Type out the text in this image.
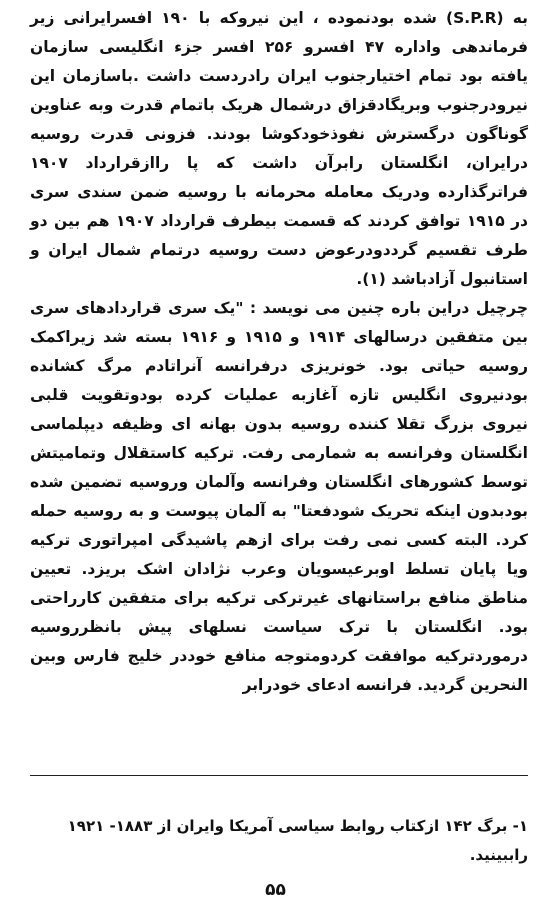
به (S.P.R) شده بودنموده ، این نیروکه با ۱۹۰ افسرایرانی زیر فرماندهی واداره ۴۷ افسرو ۲۵۶ افسر جزء انگلیسی سازمان یافته بود تمام اختیارجنوب ایران رادردست داشت .باسازمان این نیرودرجنوب وبریگادقزاق درشمال هریک باتمام قدرت وبه عناوین گوناگون درگسترش نفوذخودکوشا بودند. فزونی قدرت روسیه درایران، انگلستان رابرآن داشت که پا راازقرارداد ۱۹۰۷ فراترگذارده ودریک معامله محرمانه با روسیه ضمن سندی سری در ۱۹۱۵ توافق کردند که قسمت بیطرف قرارداد ۱۹۰۷ هم بین دو طرف تقسیم گرددودرعوض دست روسیه درتمام شمال ایران و استانبول آزادباشد (۱).

چرچیل دراین باره چنین می نویسد : "یک سری قراردادهای سری بین متفقین درسالهای ۱۹۱۴ و ۱۹۱۵ و ۱۹۱۶ بسته شد زیراکمک روسیه حیاتی بود. خونریزی درفرانسه آنراتادم مرگ کشانده بودنیروی انگلیس تازه آغازبه عملیات کرده بودوتقویت قلبی نیروی بزرگ تقلا کننده روسیه بدون بهانه ای وظیفه دیپلماسی انگلستان وفرانسه به شمارمی رفت. ترکیه کاستقلال وتمامیتش توسط کشورهای انگلستان وفرانسه وآلمان وروسیه تضمین شده بودبدون اینکه تحریک شودفعتا" به آلمان پیوست و به روسیه حمله کرد. البته کسی نمی رفت برای ازهم پاشیدگی امپراتوری ترکیه ویا پایان تسلط اوبرعیسویان وعرب نژادان اشک بریزد. تعیین مناطق منافع براستانهای غیرترکی ترکیه برای متفقین کارراحتی بود. انگلستان با ترک سیاست نسلهای پیش بانظرروسیه درموردترکیه موافقت کردومتوجه منافع خوددر خلیج فارس وبین النحرین گردید. فرانسه ادعای خودرابر

۱- برگ ۱۴۲ ازکتاب روابط سیاسی آمریکا وایران از ۱۸۸۳- ۱۹۲۱ راببینید.

۵۵
